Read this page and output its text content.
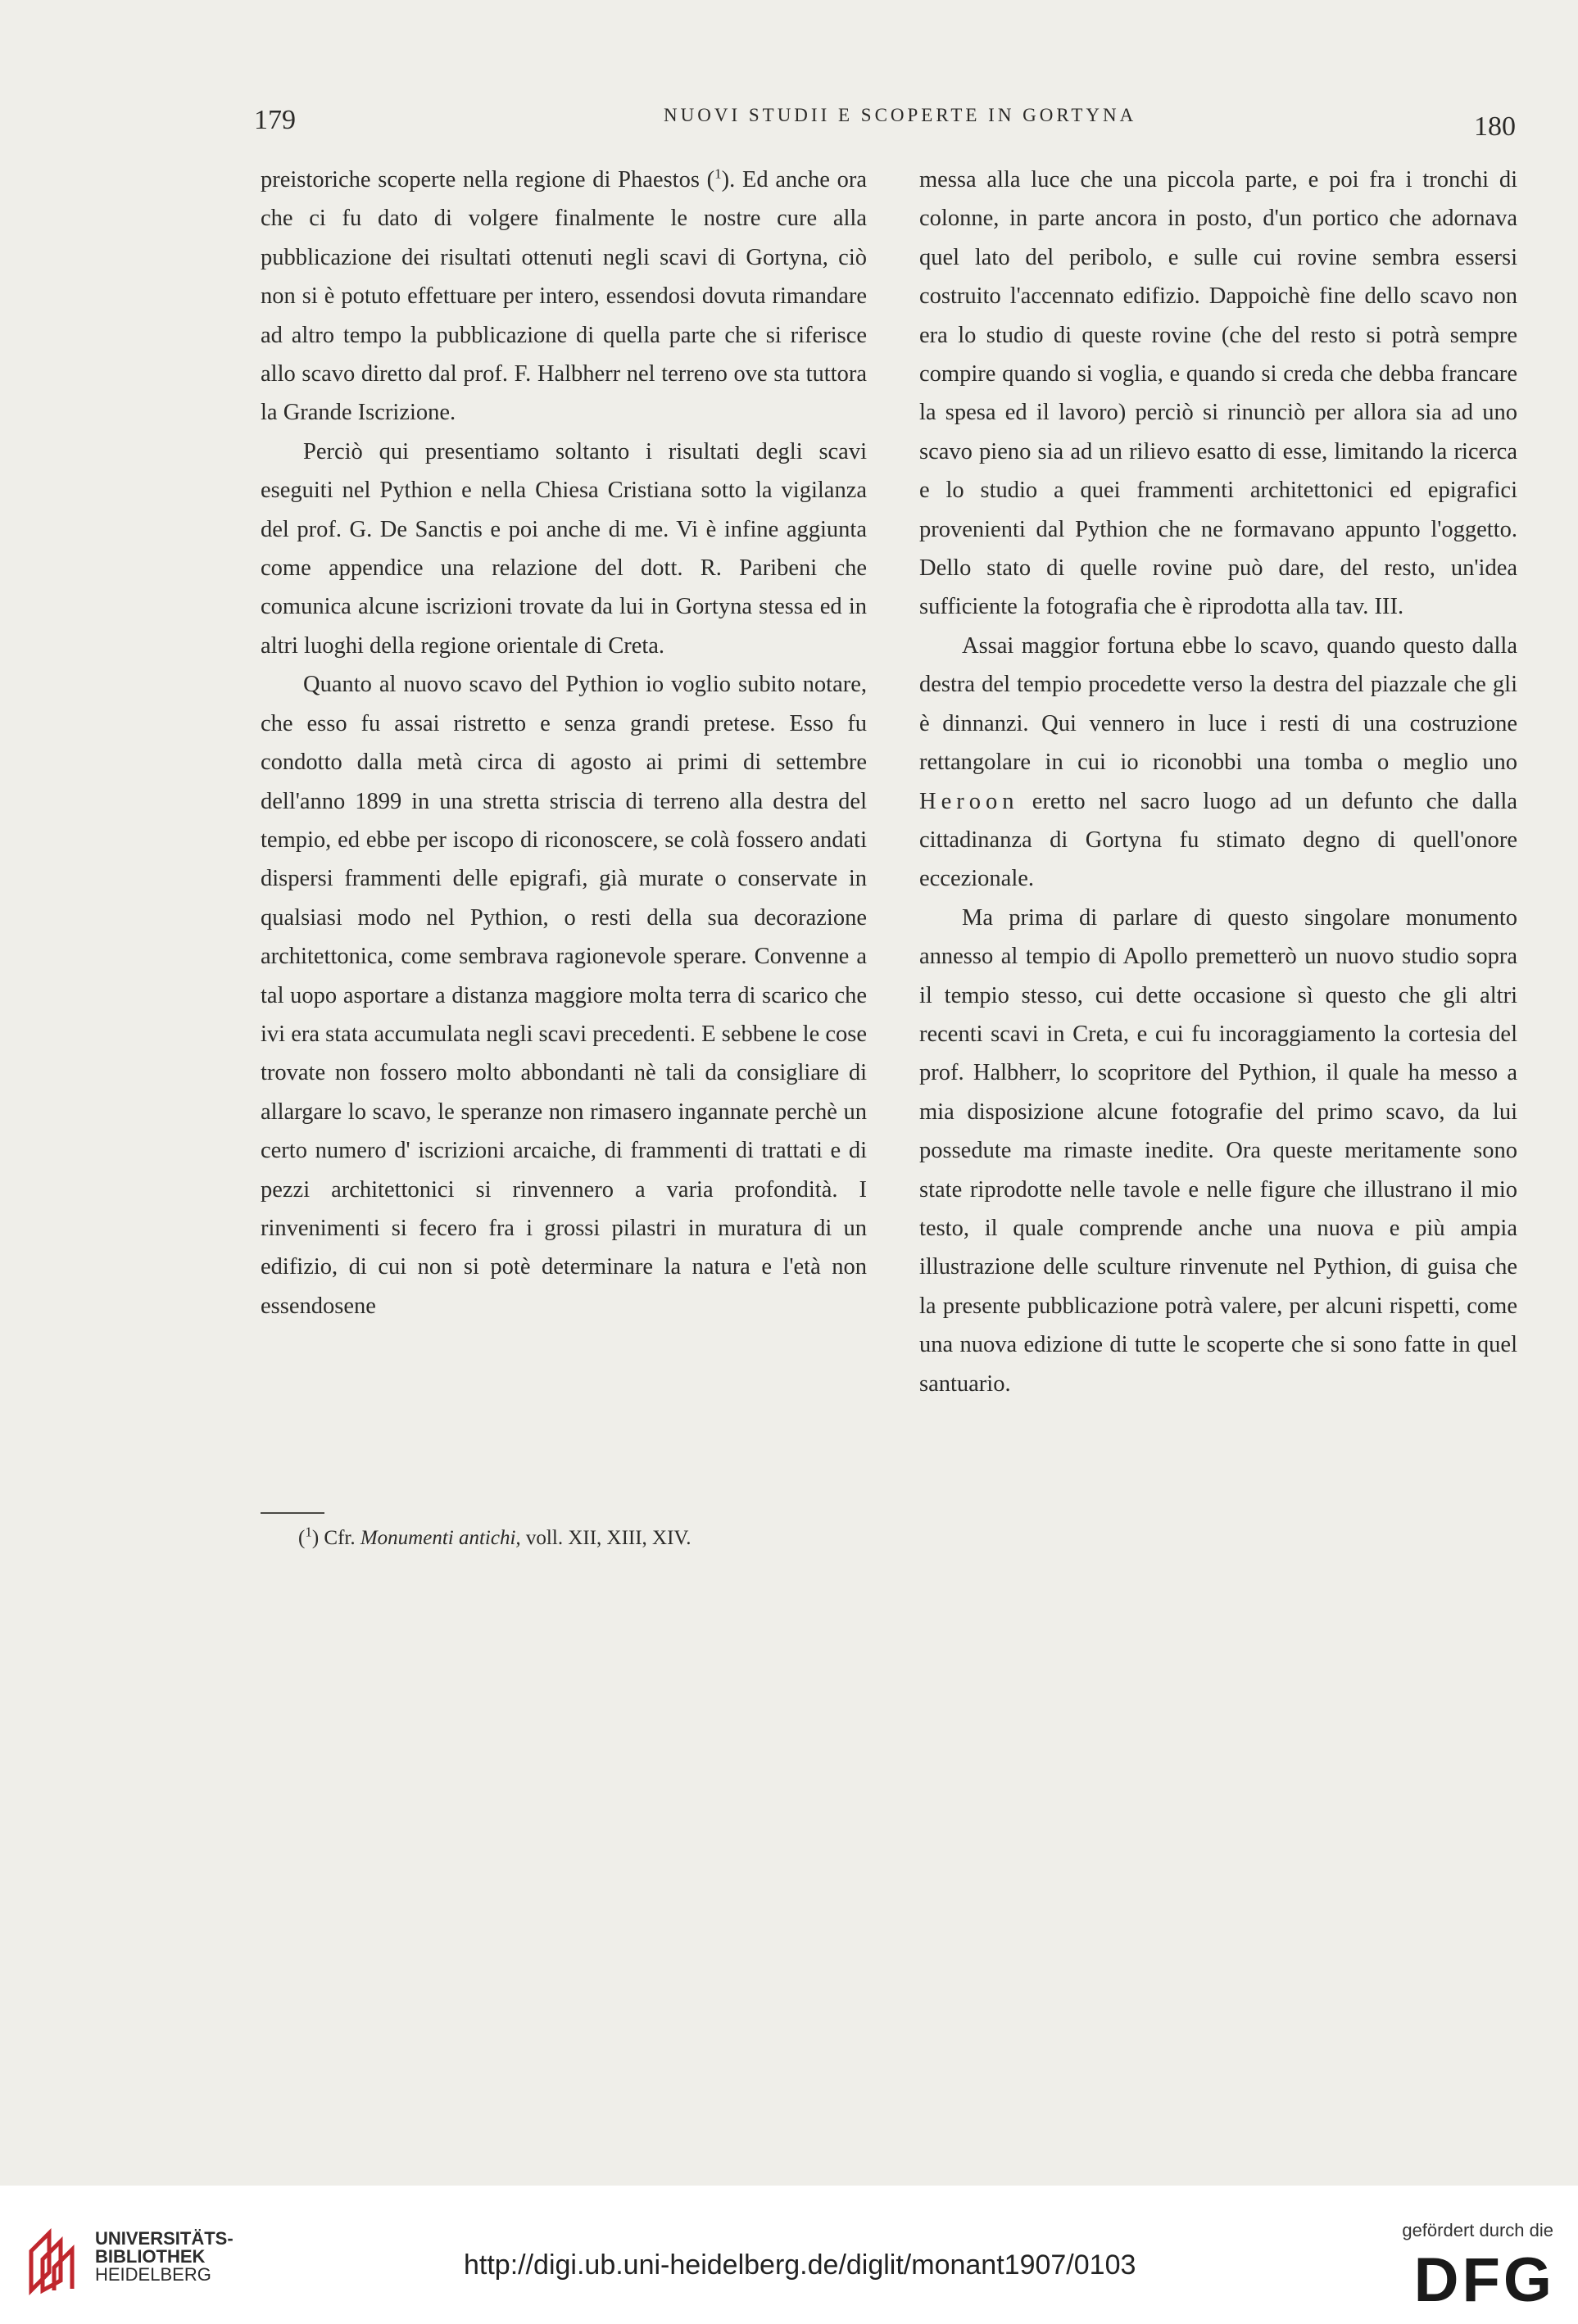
179	NUOVI STUDII E SCOPERTE IN GORTYNA	180

preistoriche scoperte nella regione di Phaestos ($^1$). Ed anche ora che ci fu dato di volgere finalmente le nostre cure alla pubblicazione dei risultati ottenuti negli scavi di Gortyna, ciò non si è potuto effettuare per intero, essendosi dovuta rimandare ad altro tempo la pubblicazione di quella parte che si riferisce allo scavo diretto dal prof. F. Halbherr nel terreno ove sta tuttora la Grande Iscrizione.

Perciò qui presentiamo soltanto i risultati degli scavi eseguiti nel Pythion e nella Chiesa Cristiana sotto la vigilanza del prof. G. De Sanctis e poi anche di me. Vi è infine aggiunta come appendice una relazione del dott. R. Paribeni che comunica alcune iscrizioni trovate da lui in Gortyna stessa ed in altri luoghi della regione orientale di Creta.

Quanto al nuovo scavo del Pythion io voglio subito notare, che esso fu assai ristretto e senza grandi pretese. Esso fu condotto dalla metà circa di agosto ai primi di settembre dell'anno 1899 in una stretta striscia di terreno alla destra del tempio, ed ebbe per iscopo di riconoscere, se colà fossero andati dispersi frammenti delle epigrafi, già murate o conservate in qualsiasi modo nel Pythion, o resti della sua decorazione architettonica, come sembrava ragionevole sperare. Convenne a tal uopo asportare a distanza maggiore molta terra di scarico che ivi era stata accumulata negli scavi precedenti. E sebbene le cose trovate non fossero molto abbondanti nè tali da consigliare di allargare lo scavo, le speranze non rimasero ingannate perchè un certo numero d' iscrizioni arcaiche, di frammenti di trattati e di pezzi architettonici si rinvennero a varia profondità. I rinvenimenti si fecero fra i grossi pilastri in muratura di un edifizio, di cui non si potè determinare la natura e l'età non essendosene

($^1$) Cfr. Monumenti antichi, voll. XII, XIII, XIV.

messa alla luce che una piccola parte, e poi fra i tronchi di colonne, in parte ancora in posto, d'un portico che adornava quel lato del peribolo, e sulle cui rovine sembra essersi costruito l'accennato edifizio. Dappoichè fine dello scavo non era lo studio di queste rovine (che del resto si potrà sempre compire quando si voglia, e quando si creda che debba francare la spesa ed il lavoro) perciò si rinunciò per allora sia ad uno scavo pieno sia ad un rilievo esatto di esse, limitando la ricerca e lo studio a quei frammenti architettonici ed epigrafici provenienti dal Pythion che ne formavano appunto l'oggetto. Dello stato di quelle rovine può dare, del resto, un'idea sufficiente la fotografia che è riprodotta alla tav. III.

Assai maggior fortuna ebbe lo scavo, quando questo dalla destra del tempio procedette verso la destra del piazzale che gli è dinnanzi. Qui vennero in luce i resti di una costruzione rettangolare in cui io riconobbi una tomba o meglio uno Heroon eretto nel sacro luogo ad un defunto che dalla cittadinanza di Gortyna fu stimato degno di quell'onore eccezionale.

Ma prima di parlare di questo singolare monumento annesso al tempio di Apollo premetterò un nuovo studio sopra il tempio stesso, cui dette occasione sì questo che gli altri recenti scavi in Creta, e cui fu incoraggiamento la cortesia del prof. Halbherr, lo scopritore del Pythion, il quale ha messo a mia disposizione alcune fotografie del primo scavo, da lui possedute ma rimaste inedite. Ora queste meritamente sono state riprodotte nelle tavole e nelle figure che illustrano il mio testo, il quale comprende anche una nuova e più ampia illustrazione delle sculture rinvenute nel Pythion, di guisa che la presente pubblicazione potrà valere, per alcuni rispetti, come una nuova edizione di tutte le scoperte che si sono fatte in quel santuario.

UNIVERSITÄTS-
BIBLIOTHEK
HEIDELBERG	http://digi.ub.uni-heidelberg.de/diglit/monant1907/0103
gefördert durch die
DFG
